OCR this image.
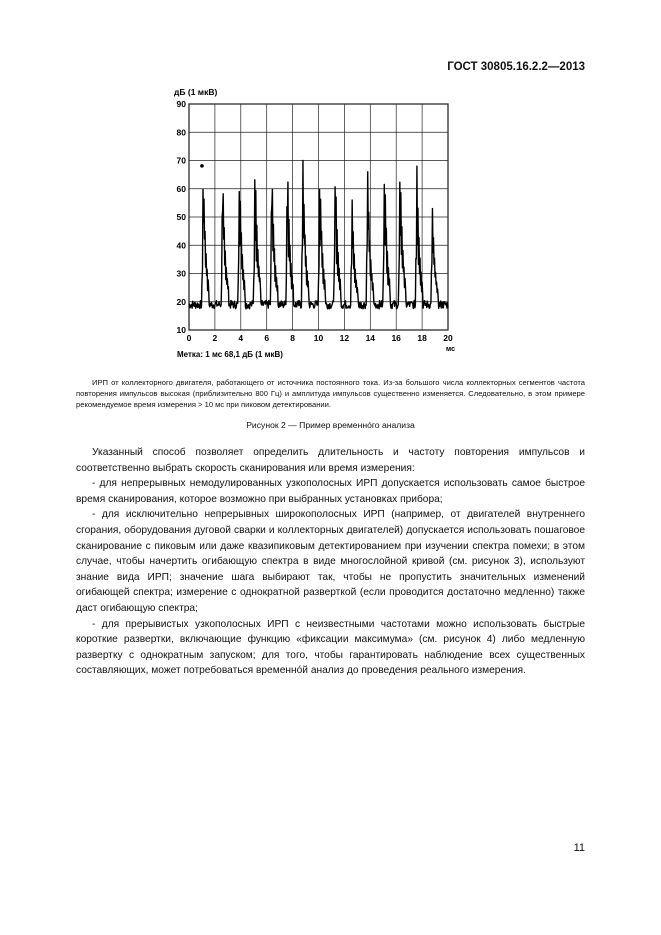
ГОСТ 30805.16.2.2—2013
дБ (1 мкВ)
мс
Метка: 1 мс 68,1 дБ (1 мкВ)
90
80
70
60
50
40
30
20
10
0 2 4 6 8 10 12 14 16 18 20
ИРП от коллекторного двигателя, работающего от источника постоянного тока. Из-за большого числа коллекторных сегментов частота повторения импульсов высокая (приблизительно 800 Гц) и амплитуда импульсов существенно изменяется. Следовательно, в этом примере рекомендуемое время измерения > 10 мс при пиковом детектировании.
Рисунок 2 — Пример временнóго анализа

Указанный способ позволяет определить длительность и частоту повторения импульсов и соответственно выбрать скорость сканирования или время измерения:

- для непрерывных немодулированных узкополосных ИРП допускается использовать самое быстрое время сканирования, которое возможно при выбранных установках прибора;

- для исключительно непрерывных широкополосных ИРП (например, от двигателей внутреннего сгорания, оборудования дуговой сварки и коллекторных двигателей) допускается использовать пошаговое сканирование с пиковым или даже квазипиковым детектированием при изучении спектра помехи; в этом случае, чтобы начертить огибающую спектра в виде многослойной кривой (см. рисунок 3), используют знание вида ИРП; значение шага выбирают так, чтобы не пропустить значительных изменений огибающей спектра; измерение с однократной разверткой (если проводится достаточно медленно) также даст огибающую спектра;

- для прерывистых узкополосных ИРП с неизвестными частотами можно использовать быстрые короткие развертки, включающие функцию «фиксации максимума» (см. рисунок 4) либо медленную развертку с однократным запуском; для того, чтобы гарантировать наблюдение всех существенных составляющих, может потребоваться временнóй анализ до проведения реального измерения.

11
